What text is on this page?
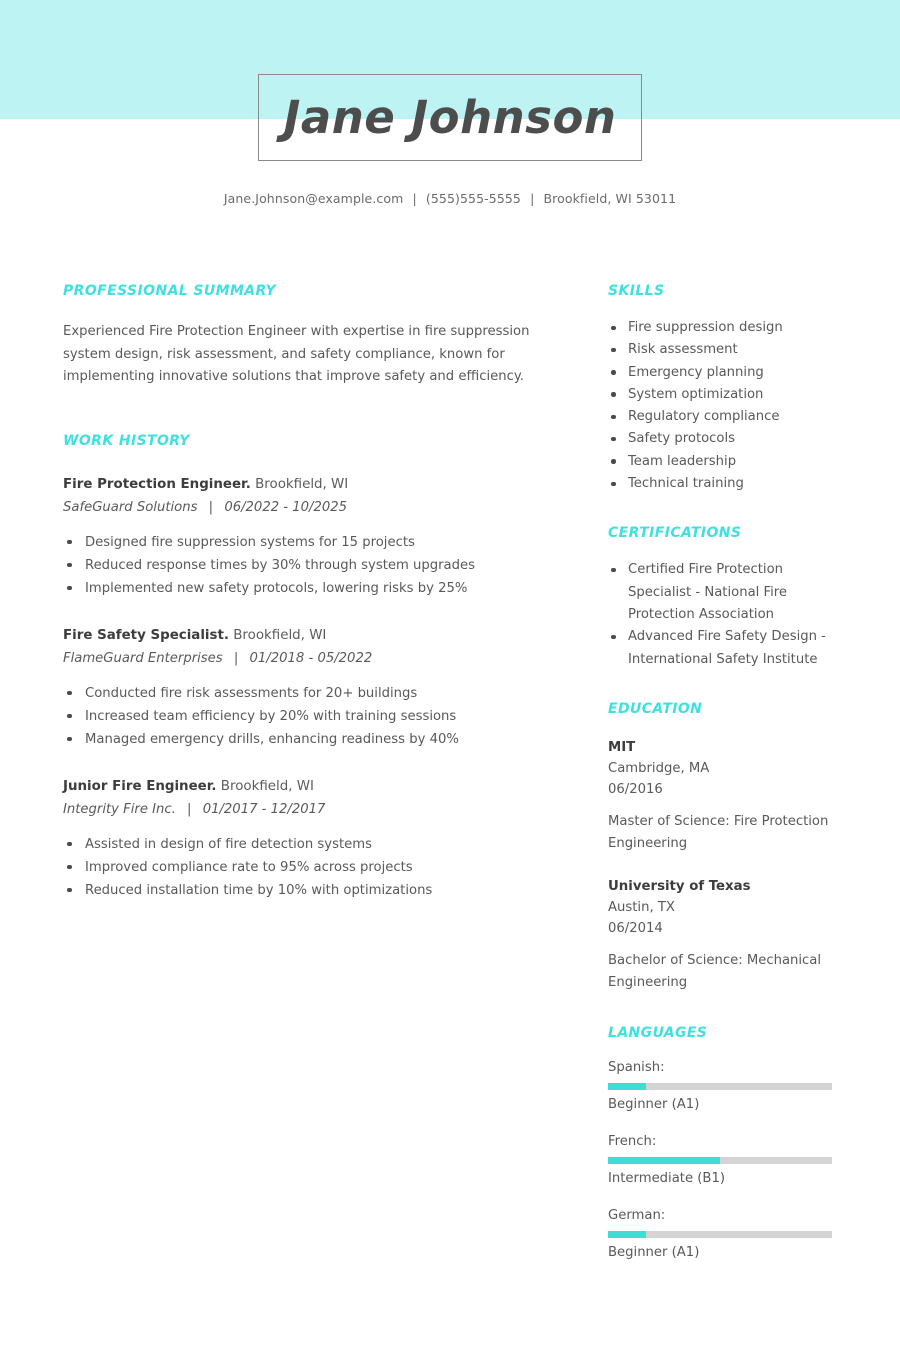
Jane Johnson
Jane.Johnson@example.com | (555)555-5555 | Brookfield, WI 53011
PROFESSIONAL SUMMARY
Experienced Fire Protection Engineer with expertise in fire suppression system design, risk assessment, and safety compliance, known for implementing innovative solutions that improve safety and efficiency.
WORK HISTORY
Fire Protection Engineer. Brookfield, WI
SafeGuard Solutions | 06/2022 - 10/2025
Designed fire suppression systems for 15 projects
Reduced response times by 30% through system upgrades
Implemented new safety protocols, lowering risks by 25%
Fire Safety Specialist. Brookfield, WI
FlameGuard Enterprises | 01/2018 - 05/2022
Conducted fire risk assessments for 20+ buildings
Increased team efficiency by 20% with training sessions
Managed emergency drills, enhancing readiness by 40%
Junior Fire Engineer. Brookfield, WI
Integrity Fire Inc. | 01/2017 - 12/2017
Assisted in design of fire detection systems
Improved compliance rate to 95% across projects
Reduced installation time by 10% with optimizations
SKILLS
Fire suppression design
Risk assessment
Emergency planning
System optimization
Regulatory compliance
Safety protocols
Team leadership
Technical training
CERTIFICATIONS
Certified Fire Protection Specialist - National Fire Protection Association
Advanced Fire Safety Design - International Safety Institute
EDUCATION
MIT
Cambridge, MA
06/2016
Master of Science: Fire Protection Engineering
University of Texas
Austin, TX
06/2014
Bachelor of Science: Mechanical Engineering
LANGUAGES
Spanish:
Beginner (A1)
French:
Intermediate (B1)
German:
Beginner (A1)
